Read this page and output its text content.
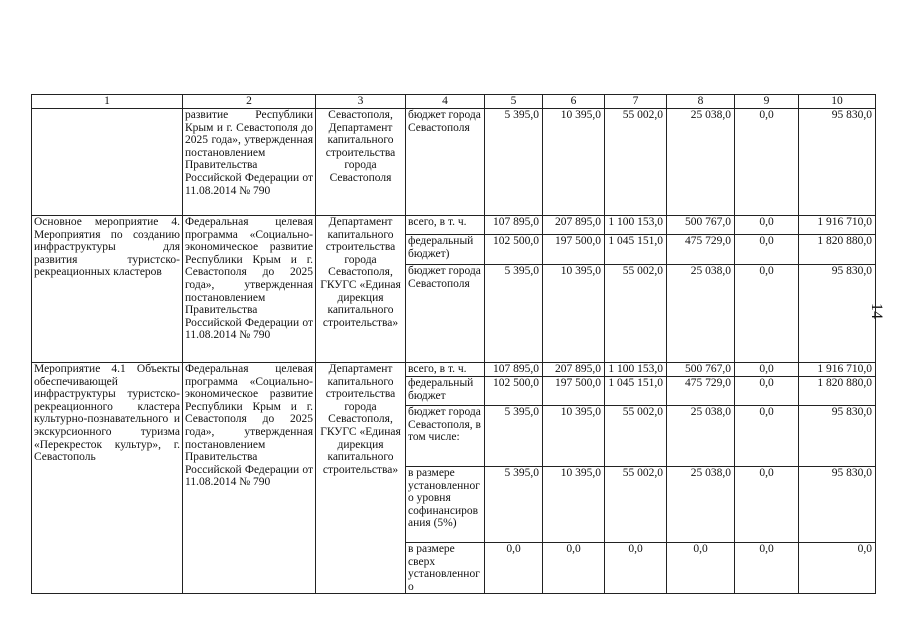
14
1	2	3	4	5	6	7	8	9	10
	развитие Республики Крым и г. Севастополя до 2025 года», утвержденная постановлением Правительства Российской Федерации от 11.08.2014 № 790	Севастополя, Департамент капитального строительства города Севастополя	бюджет города Севастополя	5 395,0	10 395,0	55 002,0	25 038,0	0,0	95 830,0
Основное мероприятие 4. Мероприятия по созданию инфраструктуры для развития туристско-рекреационных кластеров	Федеральная целевая программа «Социально-экономическое развитие Республики Крым и г. Севастополя до 2025 года», утвержденная постановлением Правительства Российской Федерации от 11.08.2014 № 790	Департамент капитального строительства города Севастополя, ГКУГС «Единая дирекция капитального строительства»	всего, в т. ч.	107 895,0	207 895,0	1 100 153,0	500 767,0	0,0	1 916 710,0
			федеральный бюджет)	102 500,0	197 500,0	1 045 151,0	475 729,0	0,0	1 820 880,0
			бюджет города Севастополя	5 395,0	10 395,0	55 002,0	25 038,0	0,0	95 830,0
Мероприятие 4.1 Объекты обеспечивающей инфраструктуры туристско-рекреационного кластера культурно-познавательного и экскурсионного туризма «Перекресток культур», г. Севастополь	Федеральная целевая программа «Социально-экономическое развитие Республики Крым и г. Севастополя до 2025 года», утвержденная постановлением Правительства Российской Федерации от 11.08.2014 № 790	Департамент капитального строительства города Севастополя, ГКУГС «Единая дирекция капитального строительства»	всего, в т. ч.	107 895,0	207 895,0	1 100 153,0	500 767,0	0,0	1 916 710,0
			федеральный бюджет	102 500,0	197 500,0	1 045 151,0	475 729,0	0,0	1 820 880,0
			бюджет города Севастополя, в том числе:	5 395,0	10 395,0	55 002,0	25 038,0	0,0	95 830,0
			в размере установленного уровня софинансирования (5%)	5 395,0	10 395,0	55 002,0	25 038,0	0,0	95 830,0
			в размере сверх установленного	0,0	0,0	0,0	0,0	0,0	0,0
